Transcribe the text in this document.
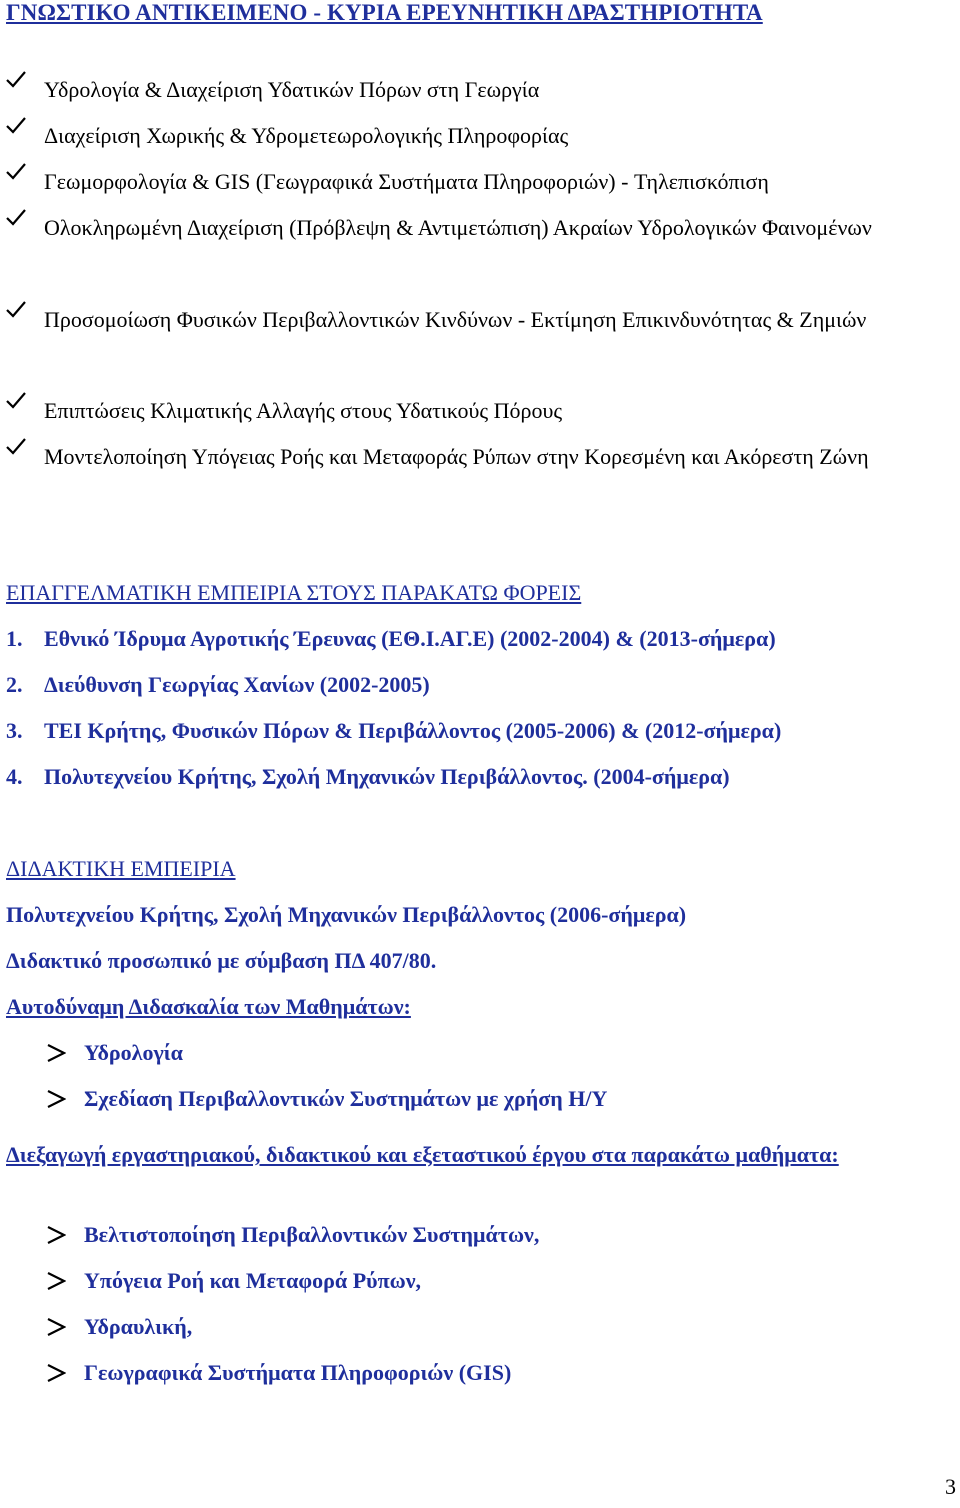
ΓΝΩΣΤΙΚΟ ΑΝΤΙΚΕΙΜΕΝΟ - ΚΥΡΙΑ ΕΡΕΥΝΗΤΙΚΗ ΔΡΑΣΤΗΡΙΟΤΗΤΑ
Υδρολογία & Διαχείριση Υδατικών Πόρων στη Γεωργία
Διαχείριση Χωρικής & Υδρομετεωρολογικής Πληροφορίας
Γεωμορφολογία & GIS (Γεωγραφικά Συστήματα Πληροφοριών) - Τηλεπισκόπιση
Ολοκληρωμένη Διαχείριση (Πρόβλεψη & Αντιμετώπιση) Ακραίων Υδρολογικών Φαινομένων
Προσομοίωση Φυσικών Περιβαλλοντικών Κινδύνων - Εκτίμηση Επικινδυνότητας & Ζημιών
Επιπτώσεις Κλιματικής Αλλαγής στους Υδατικούς Πόρους
Μοντελοποίηση Υπόγειας Ροής και Μεταφοράς Ρύπων στην Κορεσμένη και Ακόρεστη Ζώνη
ΕΠΑΓΓΕΛΜΑΤΙΚΗ ΕΜΠΕΙΡΙΑ ΣΤΟΥΣ ΠΑΡΑΚΑΤΩ ΦΟΡΕΙΣ
1. Εθνικό Ίδρυμα Αγροτικής Έρευνας (ΕΘ.Ι.ΑΓ.Ε) (2002-2004) & (2013-σήμερα)
2. Διεύθυνση Γεωργίας Χανίων (2002-2005)
3. ΤΕΙ Κρήτης, Φυσικών Πόρων & Περιβάλλοντος (2005-2006) & (2012-σήμερα)
4. Πολυτεχνείου Κρήτης, Σχολή Μηχανικών Περιβάλλοντος. (2004-σήμερα)
ΔΙΔΑΚΤΙΚΗ ΕΜΠΕΙΡΙΑ
Πολυτεχνείου Κρήτης, Σχολή Μηχανικών Περιβάλλοντος (2006-σήμερα)
Διδακτικό προσωπικό με σύμβαση ΠΔ 407/80.
Αυτοδύναμη Διδασκαλία των Μαθημάτων:
Υδρολογία
Σχεδίαση Περιβαλλοντικών Συστημάτων με χρήση Η/Υ
Διεξαγωγή εργαστηριακού, διδακτικού και εξεταστικού έργου στα παρακάτω μαθήματα:
Βελτιστοποίηση Περιβαλλοντικών Συστημάτων,
Υπόγεια Ροή και Μεταφορά Ρύπων,
Υδραυλική,
Γεωγραφικά Συστήματα Πληροφοριών (GIS)
3
